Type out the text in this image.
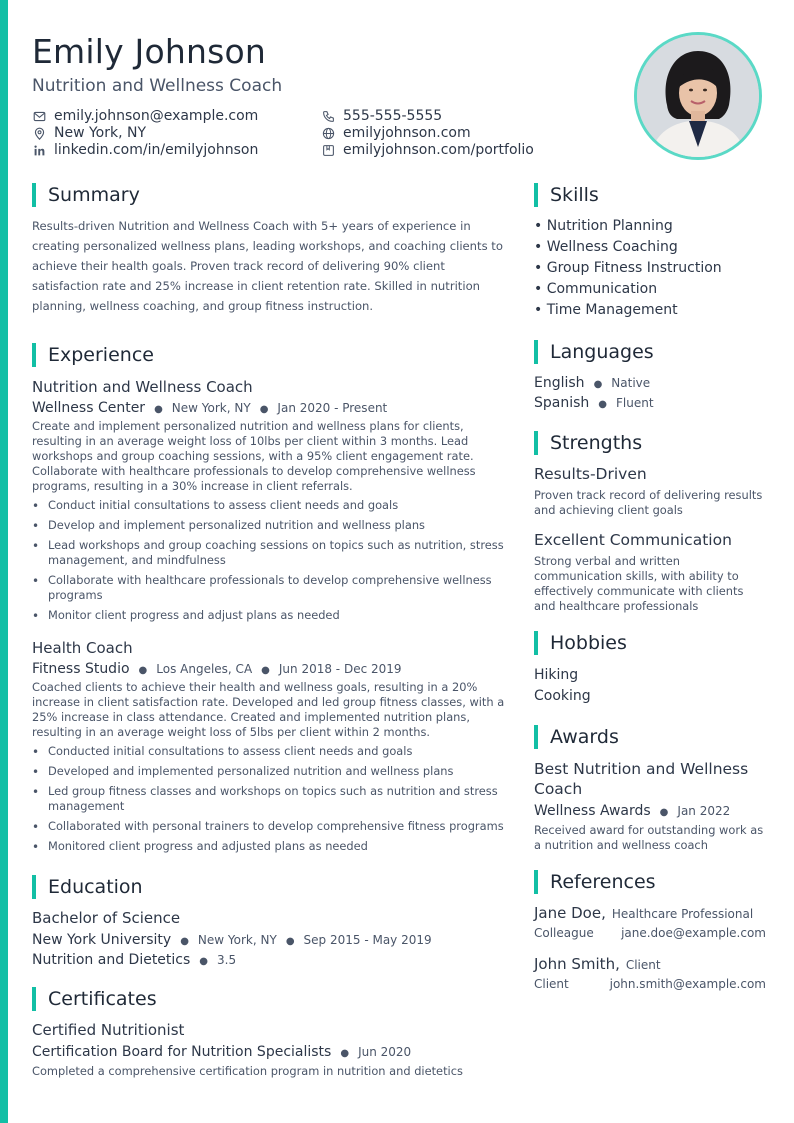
Emily Johnson
Nutrition and Wellness Coach
emily.johnson@example.com	555-555-5555
New York, NY	emilyjohnson.com
linkedin.com/in/emilyjohnson	emilyjohnson.com/portfolio
Summary
Results-driven Nutrition and Wellness Coach with 5+ years of experience in creating personalized wellness plans, leading workshops, and coaching clients to achieve their health goals. Proven track record of delivering 90% client satisfaction rate and 25% increase in client retention rate. Skilled in nutrition planning, wellness coaching, and group fitness instruction.
Experience
Nutrition and Wellness Coach
Wellness Center ● New York, NY ● Jan 2020 - Present
Create and implement personalized nutrition and wellness plans for clients, resulting in an average weight loss of 10lbs per client within 3 months. Lead workshops and group coaching sessions, with a 95% client engagement rate. Collaborate with healthcare professionals to develop comprehensive wellness programs, resulting in a 30% increase in client referrals.
• Conduct initial consultations to assess client needs and goals
• Develop and implement personalized nutrition and wellness plans
• Lead workshops and group coaching sessions on topics such as nutrition, stress management, and mindfulness
• Collaborate with healthcare professionals to develop comprehensive wellness programs
• Monitor client progress and adjust plans as needed
Health Coach
Fitness Studio ● Los Angeles, CA ● Jun 2018 - Dec 2019
Coached clients to achieve their health and wellness goals, resulting in a 20% increase in client satisfaction rate. Developed and led group fitness classes, with a 25% increase in class attendance. Created and implemented nutrition plans, resulting in an average weight loss of 5lbs per client within 2 months.
• Conducted initial consultations to assess client needs and goals
• Developed and implemented personalized nutrition and wellness plans
• Led group fitness classes and workshops on topics such as nutrition and stress management
• Collaborated with personal trainers to develop comprehensive fitness programs
• Monitored client progress and adjusted plans as needed
Education
Bachelor of Science
New York University ● New York, NY ● Sep 2015 - May 2019
Nutrition and Dietetics ● 3.5
Certificates
Certified Nutritionist
Certification Board for Nutrition Specialists ● Jun 2020
Completed a comprehensive certification program in nutrition and dietetics
Skills
• Nutrition Planning
• Wellness Coaching
• Group Fitness Instruction
• Communication
• Time Management
Languages
English ● Native
Spanish ● Fluent
Strengths
Results-Driven
Proven track record of delivering results and achieving client goals
Excellent Communication
Strong verbal and written communication skills, with ability to effectively communicate with clients and healthcare professionals
Hobbies
Hiking
Cooking
Awards
Best Nutrition and Wellness Coach
Wellness Awards ● Jan 2022
Received award for outstanding work as a nutrition and wellness coach
References
Jane Doe, Healthcare Professional
Colleague jane.doe@example.com
John Smith, Client
Client	john.smith@example.com
